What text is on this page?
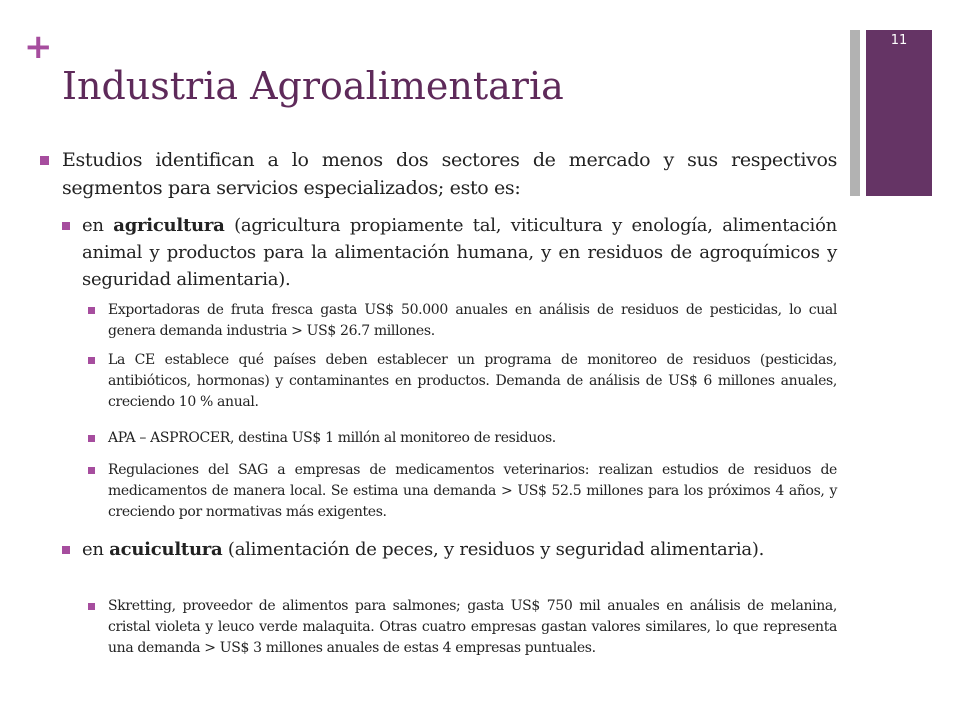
+
Industria Agroalimentaria
11
Estudios identifican a lo menos dos sectores de mercado y sus respectivos segmentos para servicios especializados; esto es:
en agricultura (agricultura propiamente tal, viticultura y enología, alimentación animal y productos para la alimentación humana, y en residuos de agroquímicos y seguridad alimentaria).
Exportadoras de fruta fresca gasta US$ 50.000 anuales en análisis de residuos de pesticidas, lo cual genera demanda industria > US$ 26.7 millones.
La CE establece qué países deben establecer un programa de monitoreo de residuos (pesticidas, antibióticos, hormonas) y contaminantes en productos. Demanda de análisis de US$ 6 millones anuales, creciendo 10 % anual.
APA – ASPROCER, destina US$ 1 millón al monitoreo de residuos.
Regulaciones del SAG a empresas de medicamentos veterinarios: realizan estudios de residuos de medicamentos de manera local. Se estima una demanda > US$ 52.5 millones para los próximos 4 años, y creciendo por normativas más exigentes.
en acuicultura (alimentación de peces, y residuos y seguridad alimentaria).
Skretting, proveedor de alimentos para salmones; gasta US$ 750 mil anuales en análisis de melanina, cristal violeta y leuco verde malaquita. Otras cuatro empresas gastan valores similares, lo que representa una demanda > US$ 3 millones anuales de estas 4 empresas puntuales.
